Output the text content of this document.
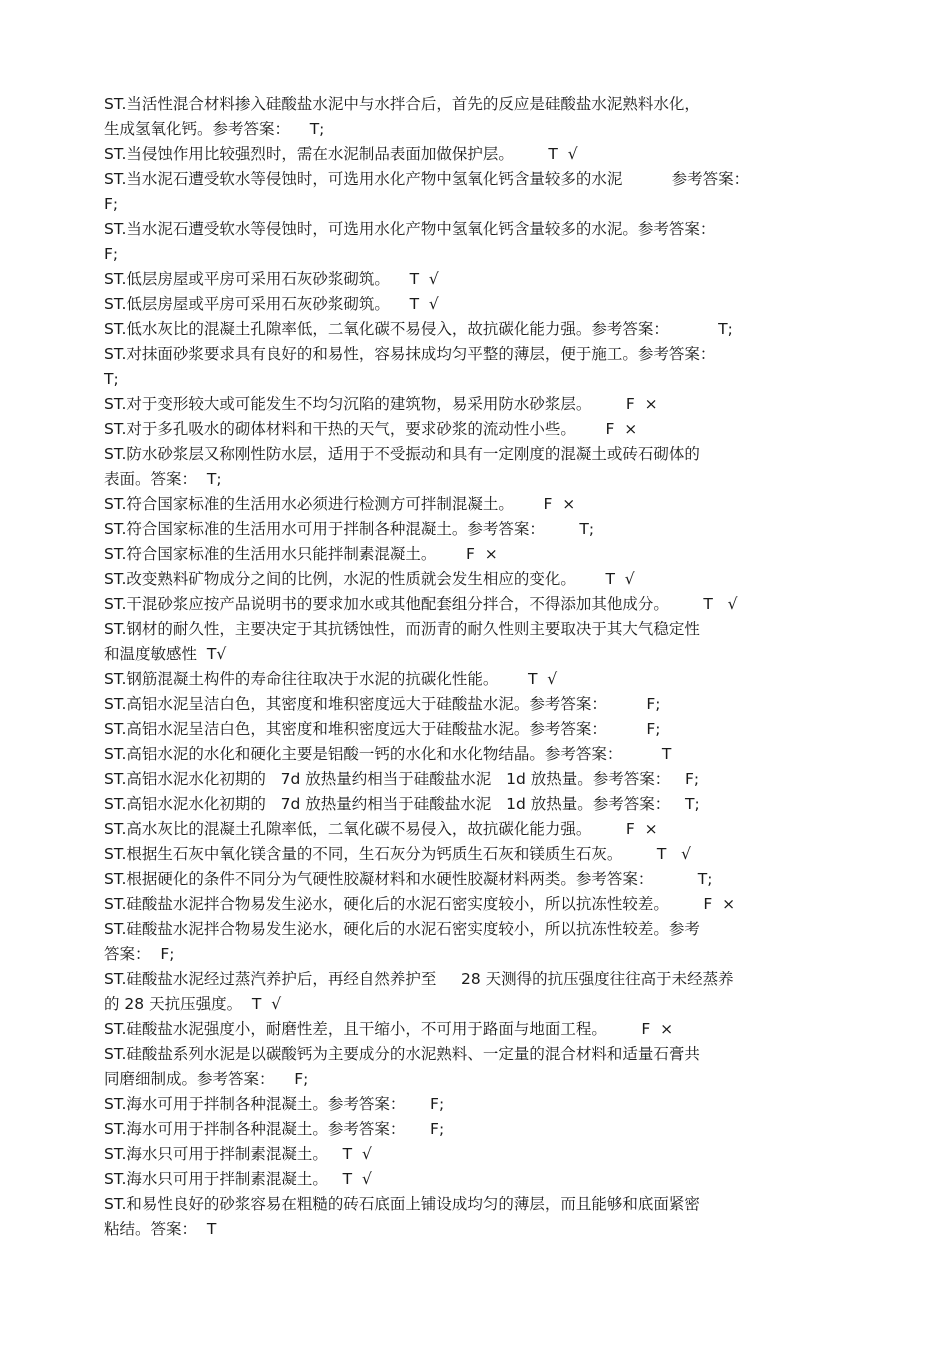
ST.当活性混合材料掺入硅酸盐水泥中与水拌合后，首先的反应是硅酸盐水泥熟料水化，
生成氢氧化钙。参考答案：    T;
ST.当侵蚀作用比较强烈时，需在水泥制品表面加做保护层。       T  √
ST.当水泥石遭受软水等侵蚀时，可选用水化产物中氢氧化钙含量较多的水泥          参考答案：
F;
ST.当水泥石遭受软水等侵蚀时，可选用水化产物中氢氧化钙含量较多的水泥。参考答案：
F;
ST.低层房屋或平房可采用石灰砂浆砌筑。    T  √
ST.低层房屋或平房可采用石灰砂浆砌筑。    T  √
ST.低水灰比的混凝土孔隙率低，二氧化碳不易侵入，故抗碳化能力强。参考答案：          T;
ST.对抹面砂浆要求具有良好的和易性，容易抹成均匀平整的薄层，便于施工。参考答案：
T;
ST.对于变形较大或可能发生不均匀沉陷的建筑物，易采用防水砂浆层。       F  ×
ST.对于多孔吸水的砌体材料和干热的天气，要求砂浆的流动性小些。      F  ×
ST.防水砂浆层又称刚性防水层，适用于不受振动和具有一定刚度的混凝土或砖石砌体的
表面。答案：  T;
ST.符合国家标准的生活用水必须进行检测方可拌制混凝土。      F  ×
ST.符合国家标准的生活用水可用于拌制各种混凝土。参考答案：       T;
ST.符合国家标准的生活用水只能拌制素混凝土。      F  ×
ST.改变熟料矿物成分之间的比例，水泥的性质就会发生相应的变化。      T  √
ST.干混砂浆应按产品说明书的要求加水或其他配套组分拌合，不得添加其他成分。       T   √
ST.钢材的耐久性，主要决定于其抗锈蚀性，而沥青的耐久性则主要取决于其大气稳定性
和温度敏感性  T√
ST.钢筋混凝土构件的寿命往往取决于水泥的抗碳化性能。      T  √
ST.高铝水泥呈洁白色，其密度和堆积密度远大于硅酸盐水泥。参考答案：        F;
ST.高铝水泥呈洁白色，其密度和堆积密度远大于硅酸盐水泥。参考答案：        F;
ST.高铝水泥的水化和硬化主要是铝酸一钙的水化和水化物结晶。参考答案：        T
ST.高铝水泥水化初期的   7d 放热量约相当于硅酸盐水泥   1d 放热量。参考答案：   F;
ST.高铝水泥水化初期的   7d 放热量约相当于硅酸盐水泥   1d 放热量。参考答案：   T;
ST.高水灰比的混凝土孔隙率低，二氧化碳不易侵入，故抗碳化能力强。       F  ×
ST.根据生石灰中氧化镁含量的不同，生石灰分为钙质生石灰和镁质生石灰。       T   √
ST.根据硬化的条件不同分为气硬性胶凝材料和水硬性胶凝材料两类。参考答案：         T;
ST.硅酸盐水泥拌合物易发生泌水，硬化后的水泥石密实度较小，所以抗冻性较差。       F  ×
ST.硅酸盐水泥拌合物易发生泌水，硬化后的水泥石密实度较小，所以抗冻性较差。参考
答案：  F;
ST.硅酸盐水泥经过蒸汽养护后，再经自然养护至     28 天测得的抗压强度往往高于未经蒸养
的 28 天抗压强度。  T  √
ST.硅酸盐水泥强度小，耐磨性差，且干缩小，不可用于路面与地面工程。       F  ×
ST.硅酸盐系列水泥是以碳酸钙为主要成分的水泥熟料、一定量的混合材料和适量石膏共
同磨细制成。参考答案：    F;
ST.海水可用于拌制各种混凝土。参考答案：     F;
ST.海水可用于拌制各种混凝土。参考答案：     F;
ST.海水只可用于拌制素混凝土。   T  √
ST.海水只可用于拌制素混凝土。   T  √
ST.和易性良好的砂浆容易在粗糙的砖石底面上铺设成均匀的薄层，而且能够和底面紧密
粘结。答案：  T
